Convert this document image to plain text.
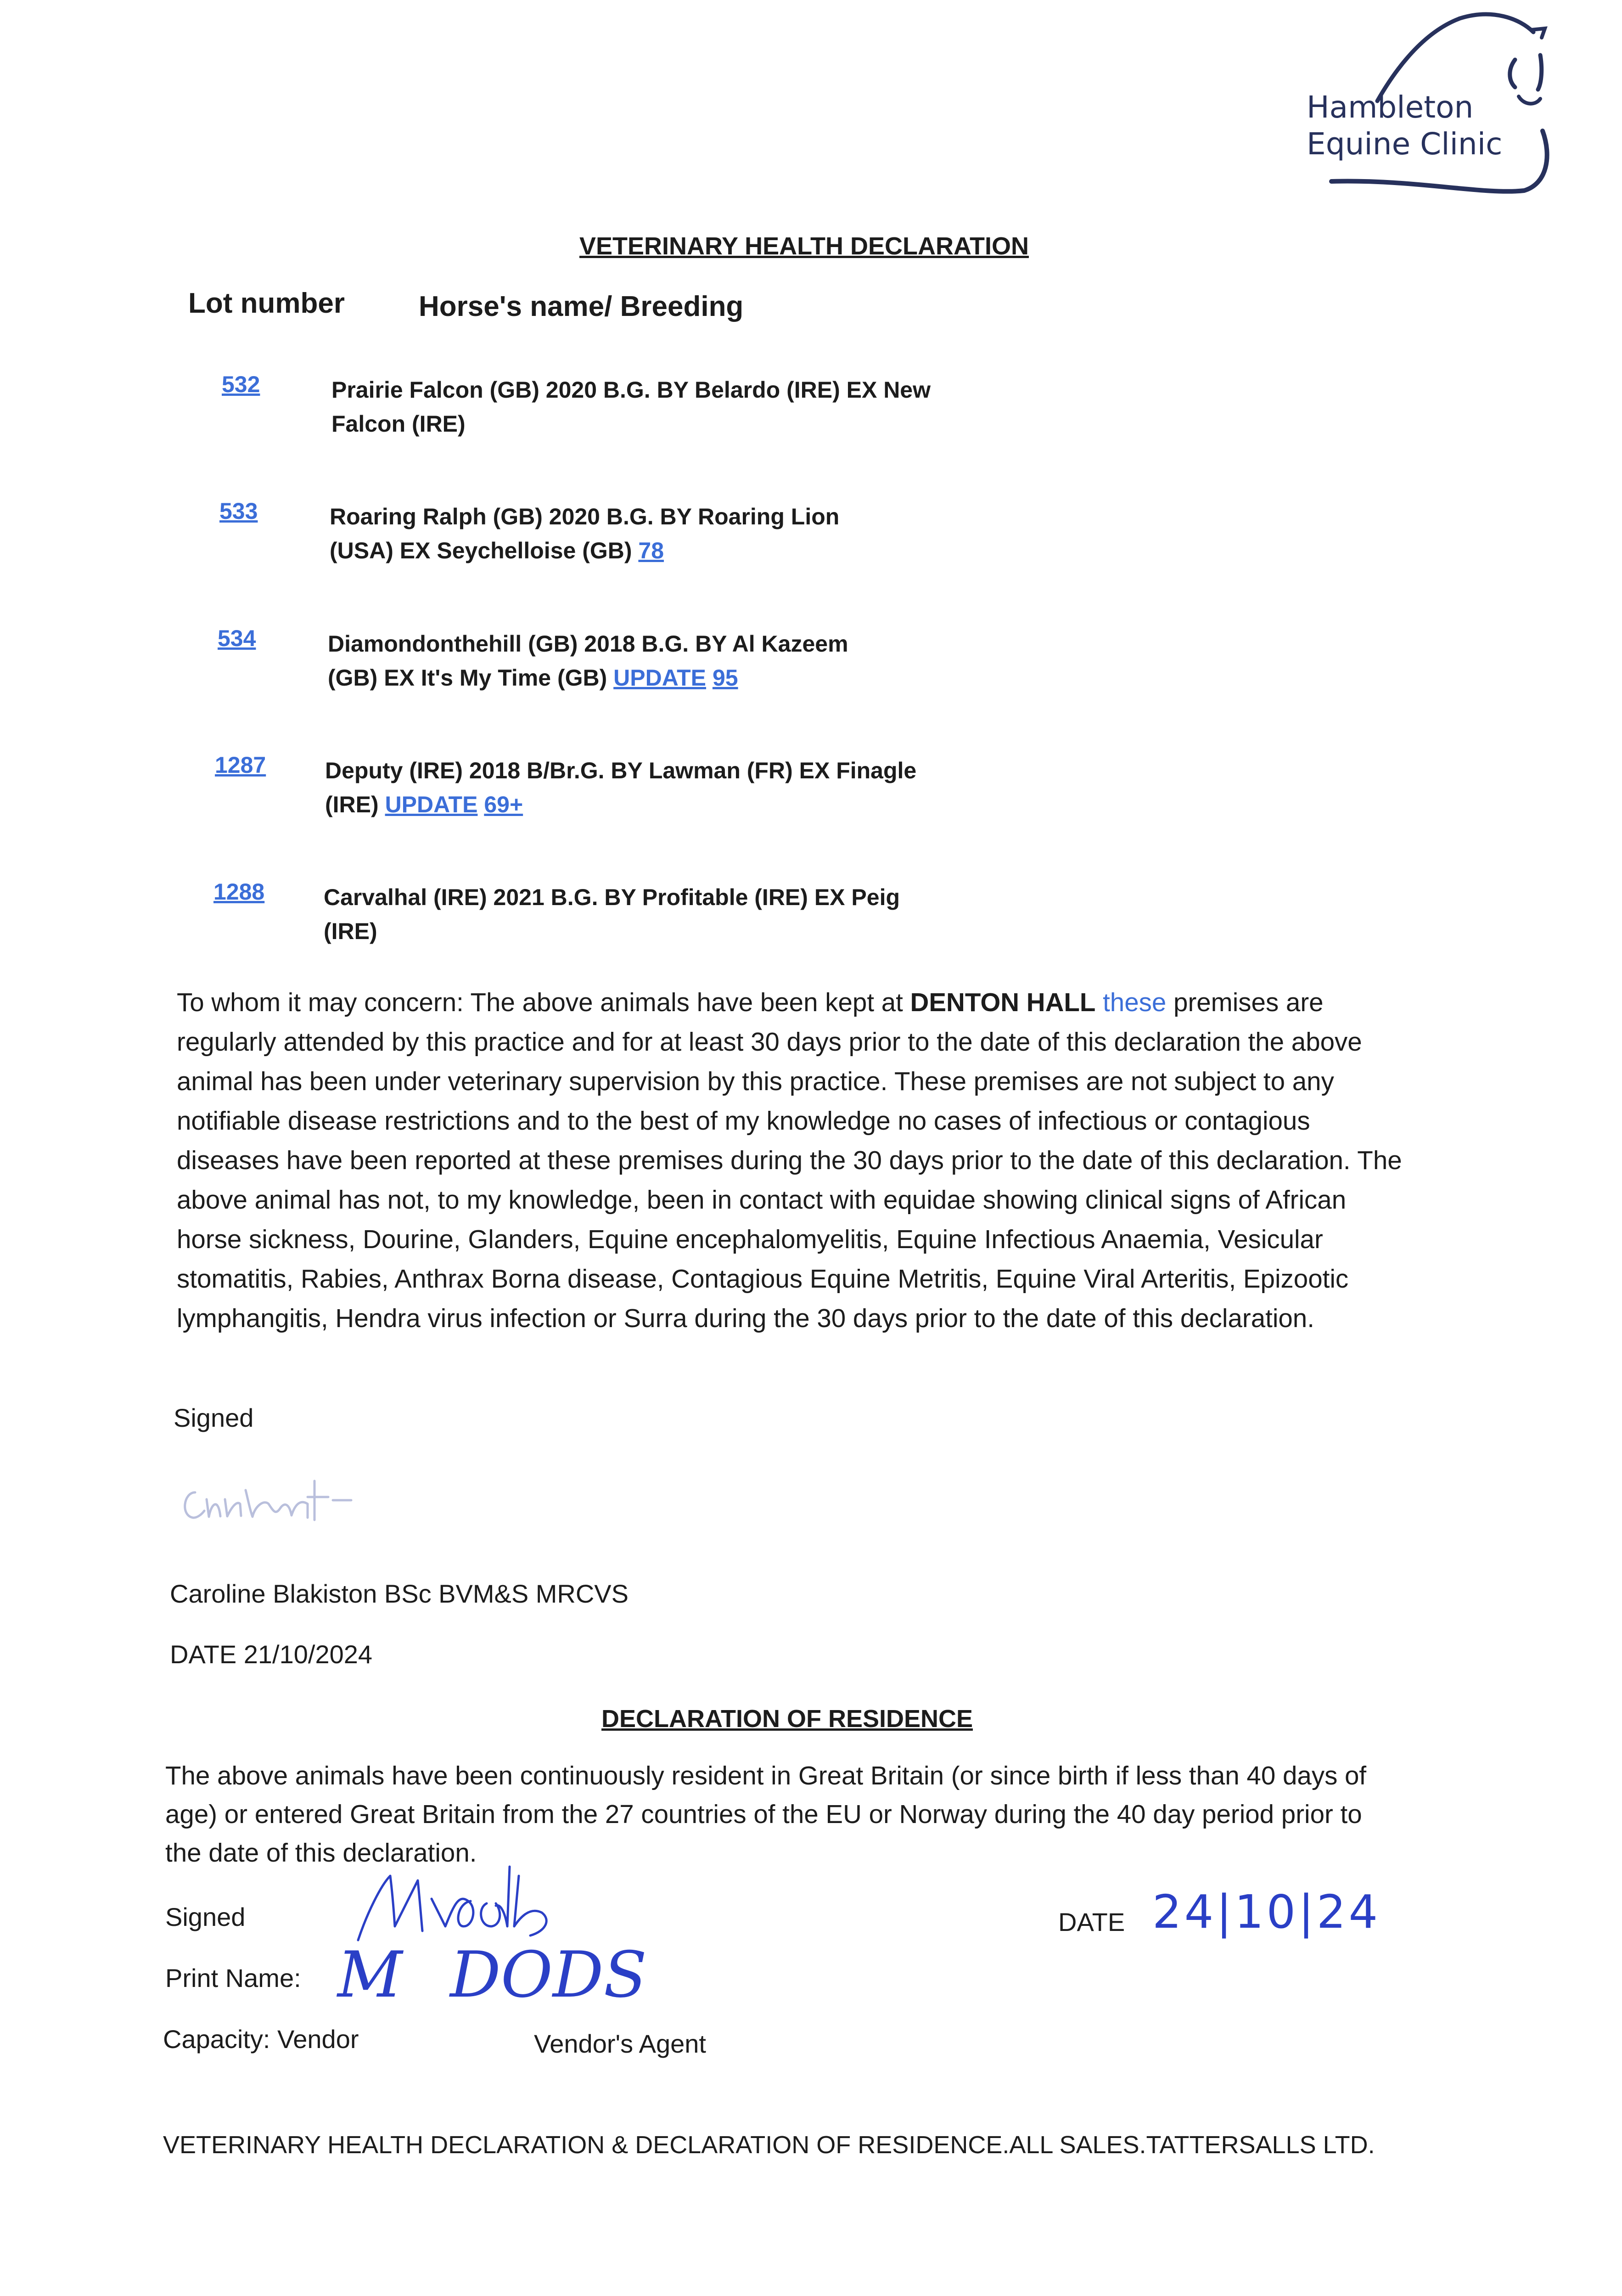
Hambleton
Equine Clinic
VETERINARY HEALTH DECLARATION
Lot number	Horse's name/ Breeding
532	Prairie Falcon (GB) 2020 B.G. BY Belardo (IRE) EX New
Falcon (IRE)
533	Roaring Ralph (GB) 2020 B.G. BY Roaring Lion
(USA) EX Seychelloise (GB) 78
534	Diamondonthehill (GB) 2018 B.G. BY Al Kazeem
(GB) EX It's My Time (GB) UPDATE 95
1287	Deputy (IRE) 2018 B/Br.G. BY Lawman (FR) EX Finagle
(IRE) UPDATE 69+
1288	Carvalhal (IRE) 2021 B.G. BY Profitable (IRE) EX Peig
(IRE)
To whom it may concern: The above animals have been kept at DENTON HALL these premises are regularly attended by this practice and for at least 30 days prior to the date of this declaration the above animal has been under veterinary supervision by this practice. These premises are not subject to any notifiable disease restrictions and to the best of my knowledge no cases of infectious or contagious diseases have been reported at these premises during the 30 days prior to the date of this declaration. The above animal has not, to my knowledge, been in contact with equidae showing clinical signs of African horse sickness, Dourine, Glanders, Equine encephalomyelitis, Equine Infectious Anaemia, Vesicular stomatitis, Rabies, Anthrax Borna disease, Contagious Equine Metritis, Equine Viral Arteritis, Epizootic lymphangitis, Hendra virus infection or Surra during the 30 days prior to the date of this declaration.
Signed
Caroline Blakiston BSc BVM&S MRCVS
DATE 21/10/2024
DECLARATION OF RESIDENCE
The above animals have been continuously resident in Great Britain (or since birth if less than 40 days of age) or entered Great Britain from the 27 countries of the EU or Norway during the 40 day period prior to the date of this declaration.
Signed	DATE 24|10|24
Print Name: M DODS
Capacity: Vendor	Vendor's Agent
VETERINARY HEALTH DECLARATION & DECLARATION OF RESIDENCE.ALL SALES.TATTERSALLS LTD.
